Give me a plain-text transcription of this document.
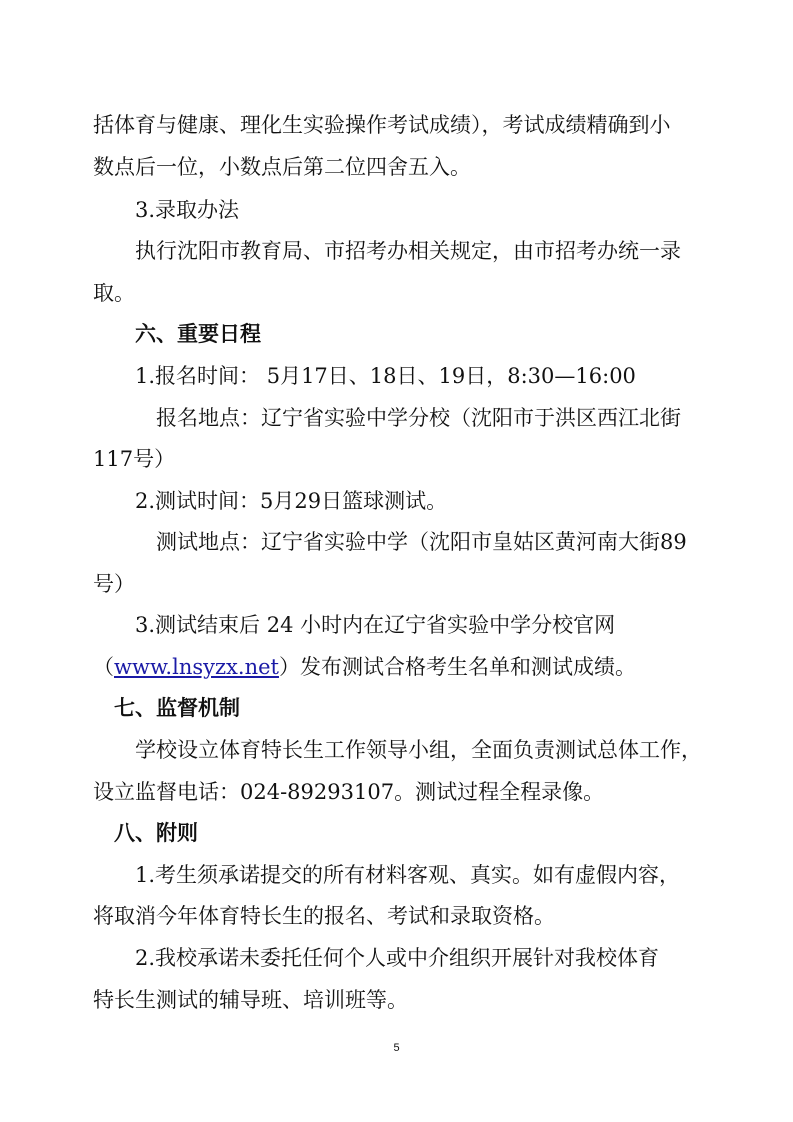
括体育与健康、理化生实验操作考试成绩），考试成绩精确到小
数点后一位，小数点后第二位四舍五入。
3.录取办法
执行沈阳市教育局、市招考办相关规定，由市招考办统一录
取。
六、重要日程
1.报名时间： 5月17日、18日、19日，8:30—16:00
报名地点：辽宁省实验中学分校（沈阳市于洪区西江北街
117号）
2.测试时间：5月29日篮球测试。
测试地点：辽宁省实验中学（沈阳市皇姑区黄河南大街89
号）
3.测试结束后 24 小时内在辽宁省实验中学分校官网
（www.lnsyzx.net）发布测试合格考生名单和测试成绩。
七、监督机制
学校设立体育特长生工作领导小组，全面负责测试总体工作，
设立监督电话：024-89293107。测试过程全程录像。
八、附则
1.考生须承诺提交的所有材料客观、真实。如有虚假内容，
将取消今年体育特长生的报名、考试和录取资格。
2.我校承诺未委托任何个人或中介组织开展针对我校体育
特长生测试的辅导班、培训班等。
5
